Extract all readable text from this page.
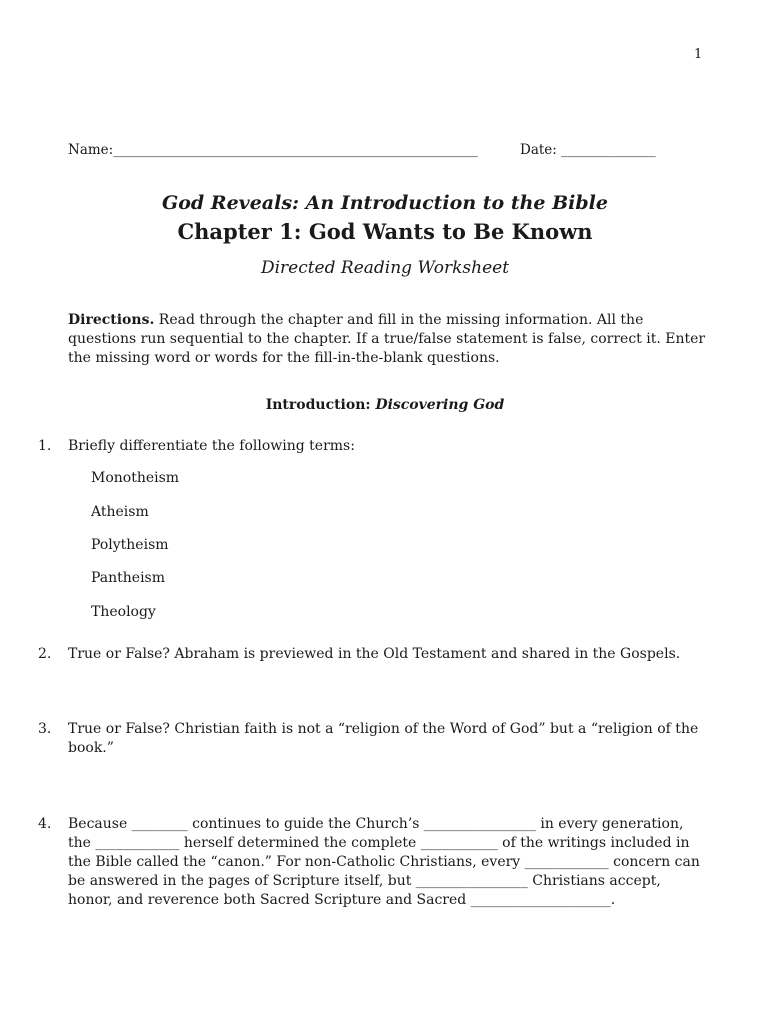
1
Name:______________________________________________________	Date: ______________

God Reveals: An Introduction to the Bible

Chapter 1: God Wants to Be Known

Directed Reading Worksheet

Directions. Read through the chapter and fill in the missing information. All the questions run sequential to the chapter. If a true/false statement is false, correct it. Enter the missing word or words for the fill-in-the-blank questions.

Introduction: Discovering God
1. Briefly differentiate the following terms:

Monotheism
Atheism
Polytheism
Pantheism
Theology
2. True or False? Abraham is previewed in the Old Testament and shared in the Gospels.

3. True or False? Christian faith is not a “religion of the Word of God” but a “religion of the book.”

4. Because ________ continues to guide the Church’s ________________ in every generation, the ____________ herself determined the complete ___________ of the writings included in the Bible called the “canon.” For non-Catholic Christians, every ____________ concern can be answered in the pages of Scripture itself, but ________________ Christians accept, honor, and reverence both Sacred Scripture and Sacred ____________________.
